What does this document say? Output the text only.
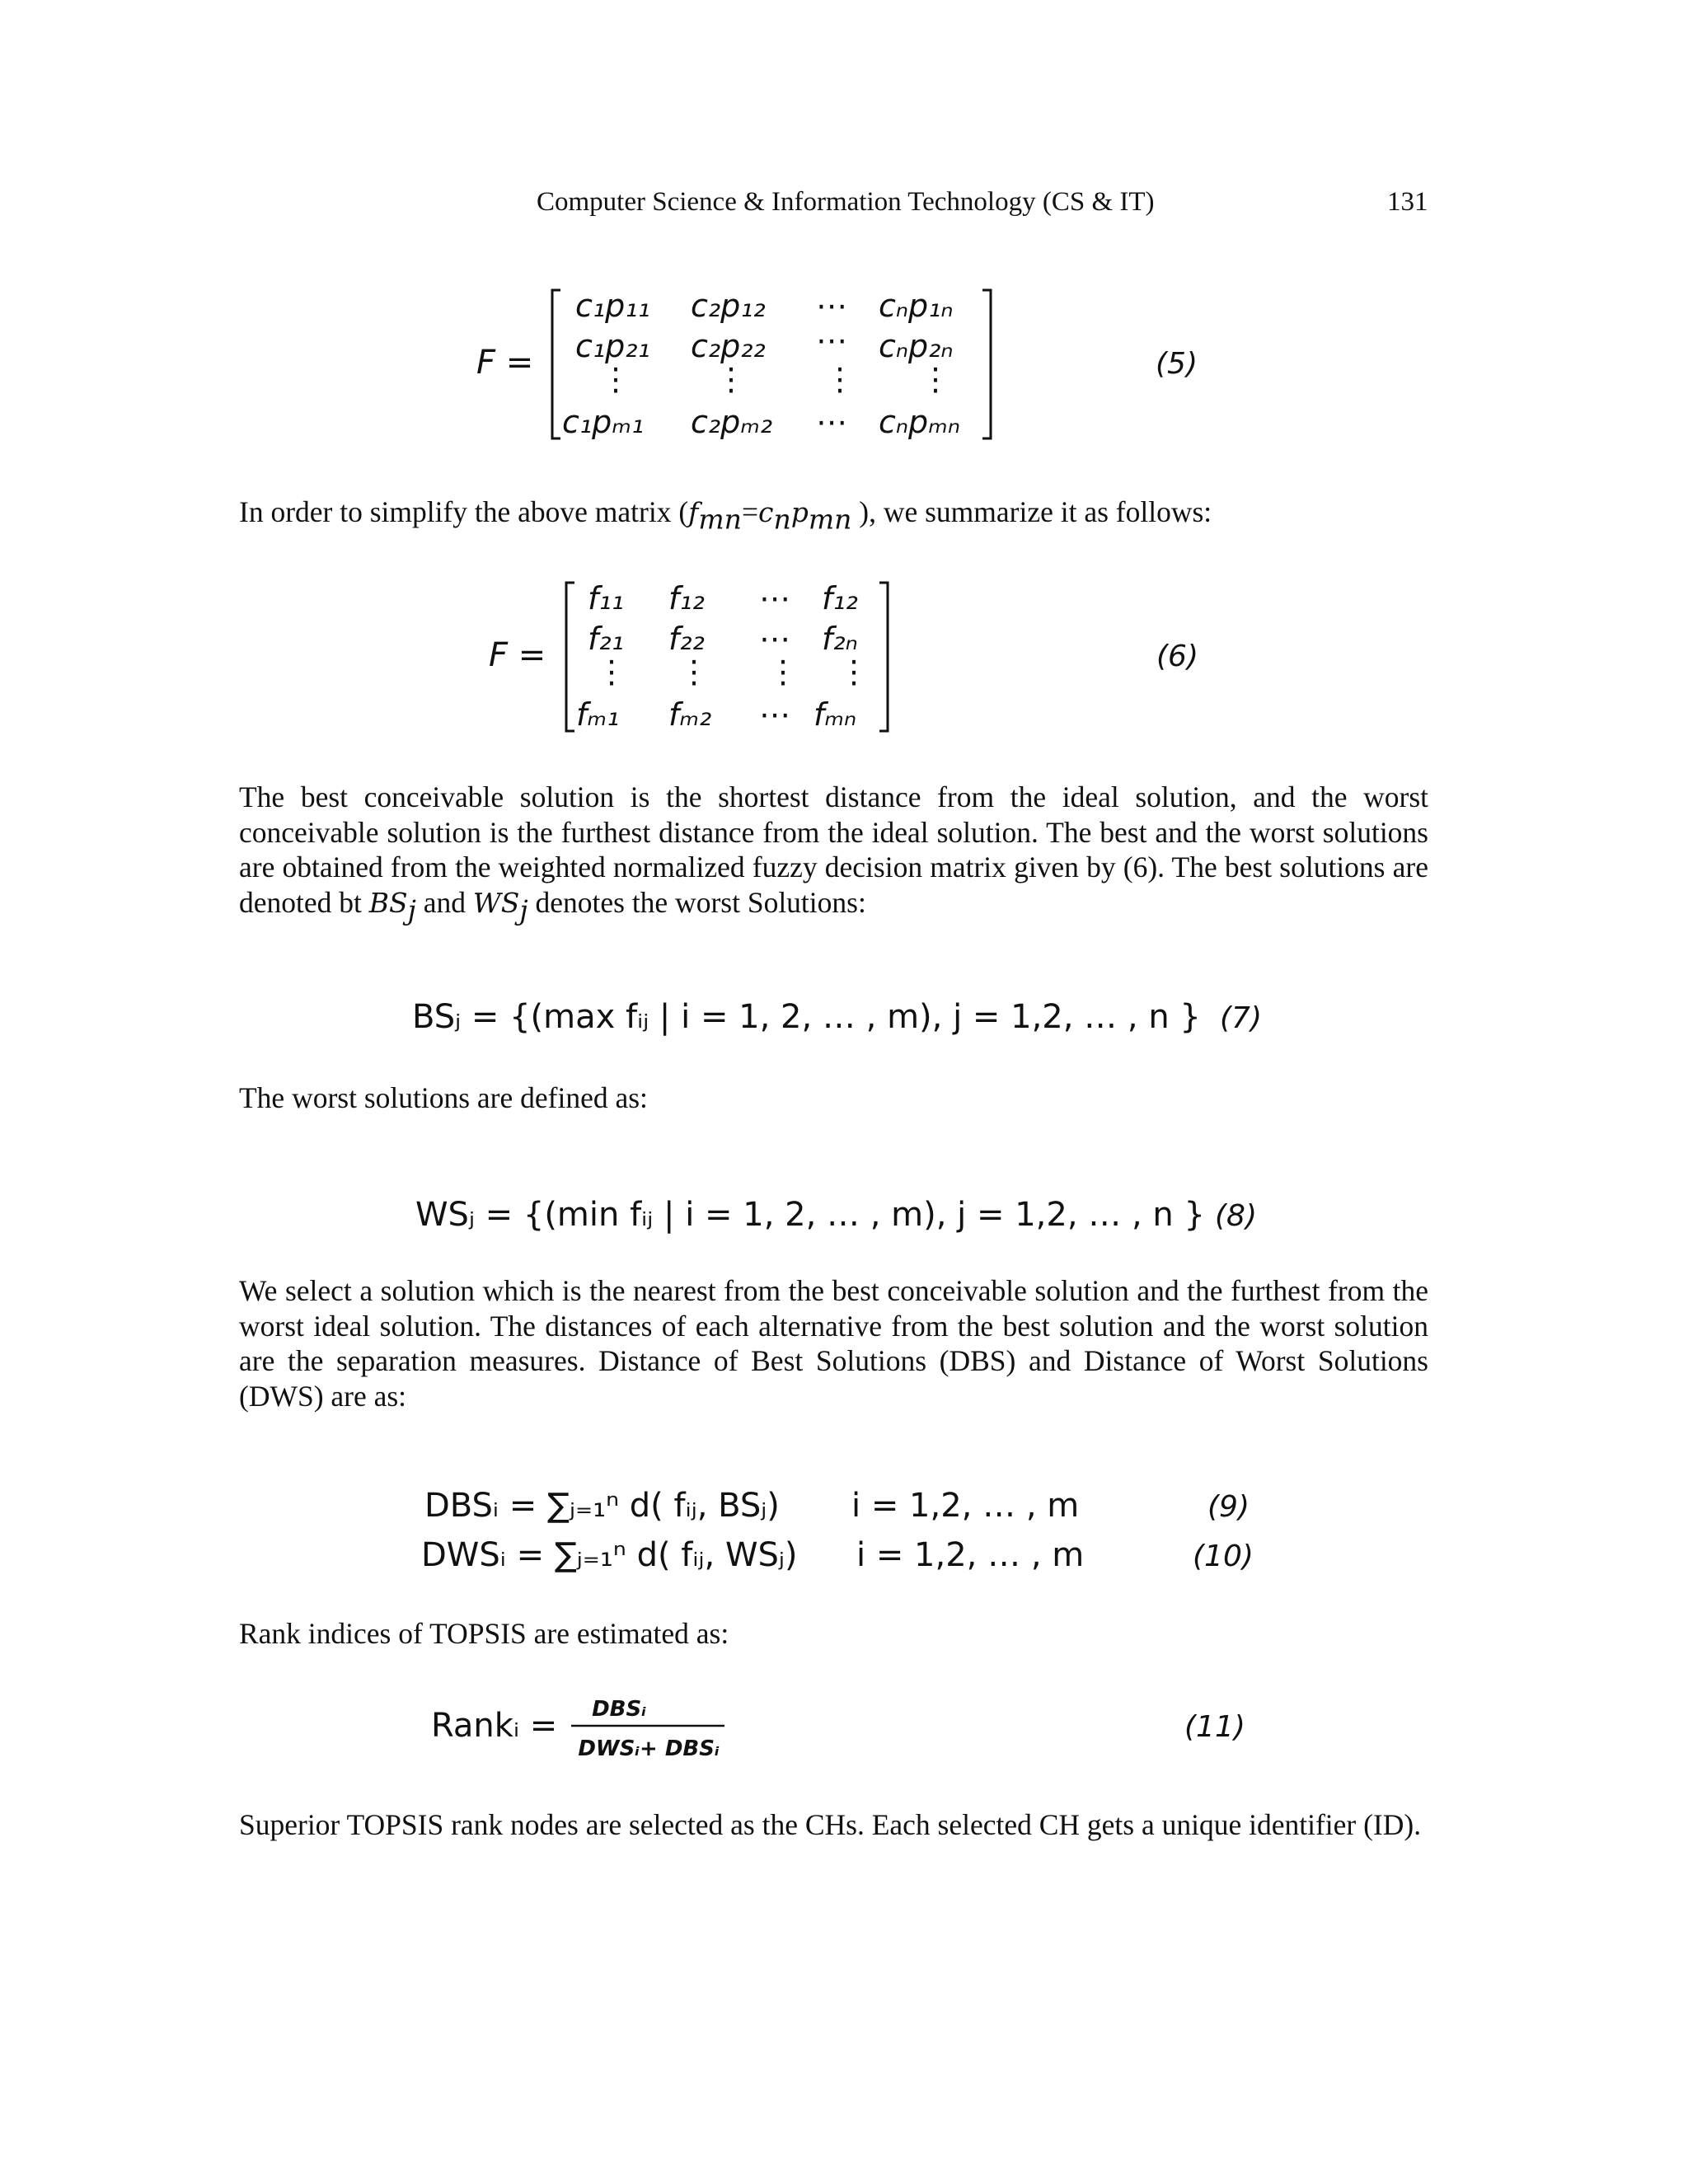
Computer Science & Information Technology (CS & IT)	131
F =
c₁p₁₁ c₂p₁₂ ⋯ cₙp₁ₙ
c₁p₂₁ c₂p₂₂ ⋯ cₙp₂ₙ
⋮	⋮ ⋮ ⋮
c₁pₘ₁ c₂pₘ₂ ⋯ cₙpₘₙ
(5)
In order to simplify the above matrix ($f_{mn}=c_np_{mn}$ ), we summarize it as follows:
F =
f₁₁ f₁₂ ⋯ f₁₂
f₂₁ f₂₂ ⋯ f₂ₙ
⋮ ⋮ ⋮ ⋮
fₘ₁ fₘ₂ ⋯ fₘₙ
(6)
The best conceivable solution is the shortest distance from the ideal solution, and the worst conceivable solution is the furthest distance from the ideal solution. The best and the worst solutions are obtained from the weighted normalized fuzzy decision matrix given by (6). The best solutions are denoted bt $BS_j$ and $WS_j$ denotes the worst Solutions:
BSⱼ = {(max fᵢⱼ | i = 1, 2, … , m), j = 1,2, … , n } (7)
The worst solutions are defined as:
WSⱼ = {(min fᵢⱼ | i = 1, 2, … , m), j = 1,2, … , n } (8)
We select a solution which is the nearest from the best conceivable solution and the furthest from the worst ideal solution. The distances of each alternative from the best solution and the worst solution are the separation measures. Distance of Best Solutions (DBS) and Distance of Worst Solutions (DWS) are as:
DBSᵢ = ∑ⱼ₌₁ⁿ d( fᵢⱼ, BSⱼ) i = 1,2, … , m	(9)
DWSᵢ = ∑ⱼ₌₁ⁿ d( fᵢⱼ, WSⱼ) i = 1,2, … , m	(10)
Rank indices of TOPSIS are estimated as:
Rankᵢ = DBSᵢ
DWSᵢ+ DBSᵢ
(11)
Superior TOPSIS rank nodes are selected as the CHs. Each selected CH gets a unique identifier (ID).
